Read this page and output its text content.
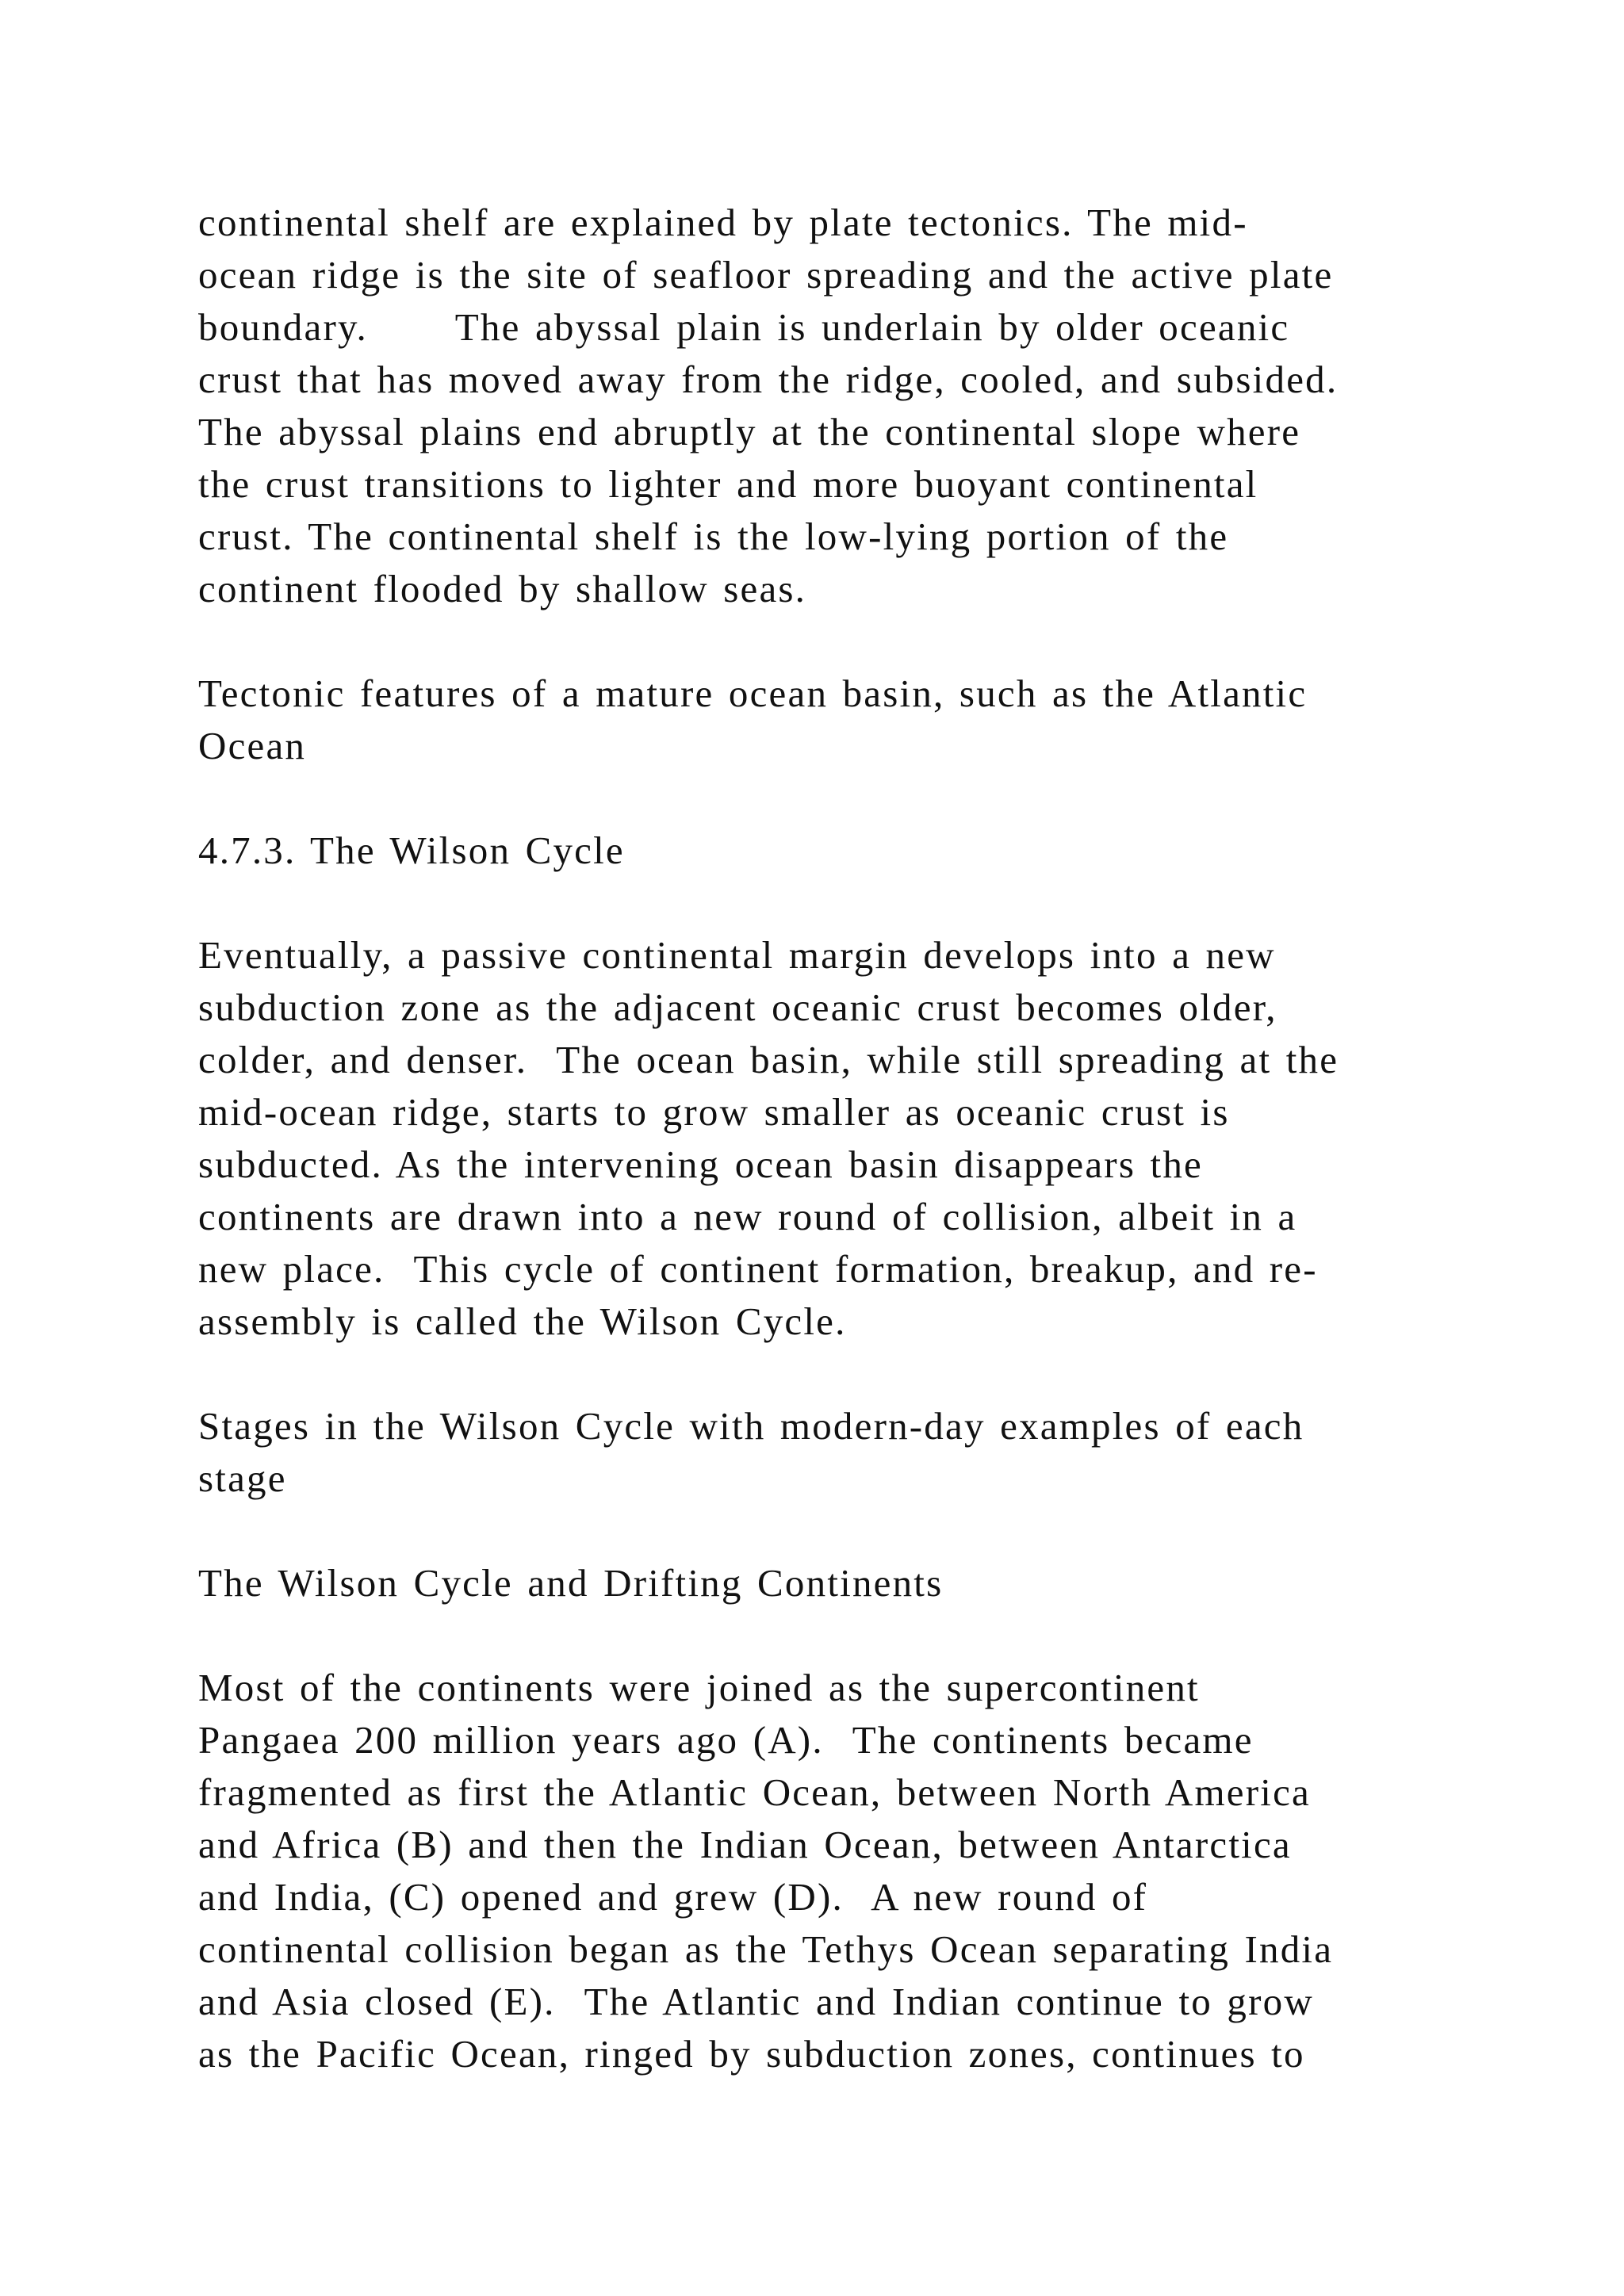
continental shelf are explained by plate tectonics. The mid-
ocean ridge is the site of seafloor spreading and the active plate
boundary.      The abyssal plain is underlain by older oceanic
crust that has moved away from the ridge, cooled, and subsided.
The abyssal plains end abruptly at the continental slope where
the crust transitions to lighter and more buoyant continental
crust. The continental shelf is the low-lying portion of the
continent flooded by shallow seas.
Tectonic features of a mature ocean basin, such as the Atlantic
Ocean
4.7.3. The Wilson Cycle
Eventually, a passive continental margin develops into a new
subduction zone as the adjacent oceanic crust becomes older,
colder, and denser.  The ocean basin, while still spreading at the
mid-ocean ridge, starts to grow smaller as oceanic crust is
subducted. As the intervening ocean basin disappears the
continents are drawn into a new round of collision, albeit in a
new place.  This cycle of continent formation, breakup, and re-
assembly is called the Wilson Cycle.
Stages in the Wilson Cycle with modern-day examples of each
stage
The Wilson Cycle and Drifting Continents
Most of the continents were joined as the supercontinent
Pangaea 200 million years ago (A).  The continents became
fragmented as first the Atlantic Ocean, between North America
and Africa (B) and then the Indian Ocean, between Antarctica
and India, (C) opened and grew (D).  A new round of
continental collision began as the Tethys Ocean separating India
and Asia closed (E).  The Atlantic and Indian continue to grow
as the Pacific Ocean, ringed by subduction zones, continues to
